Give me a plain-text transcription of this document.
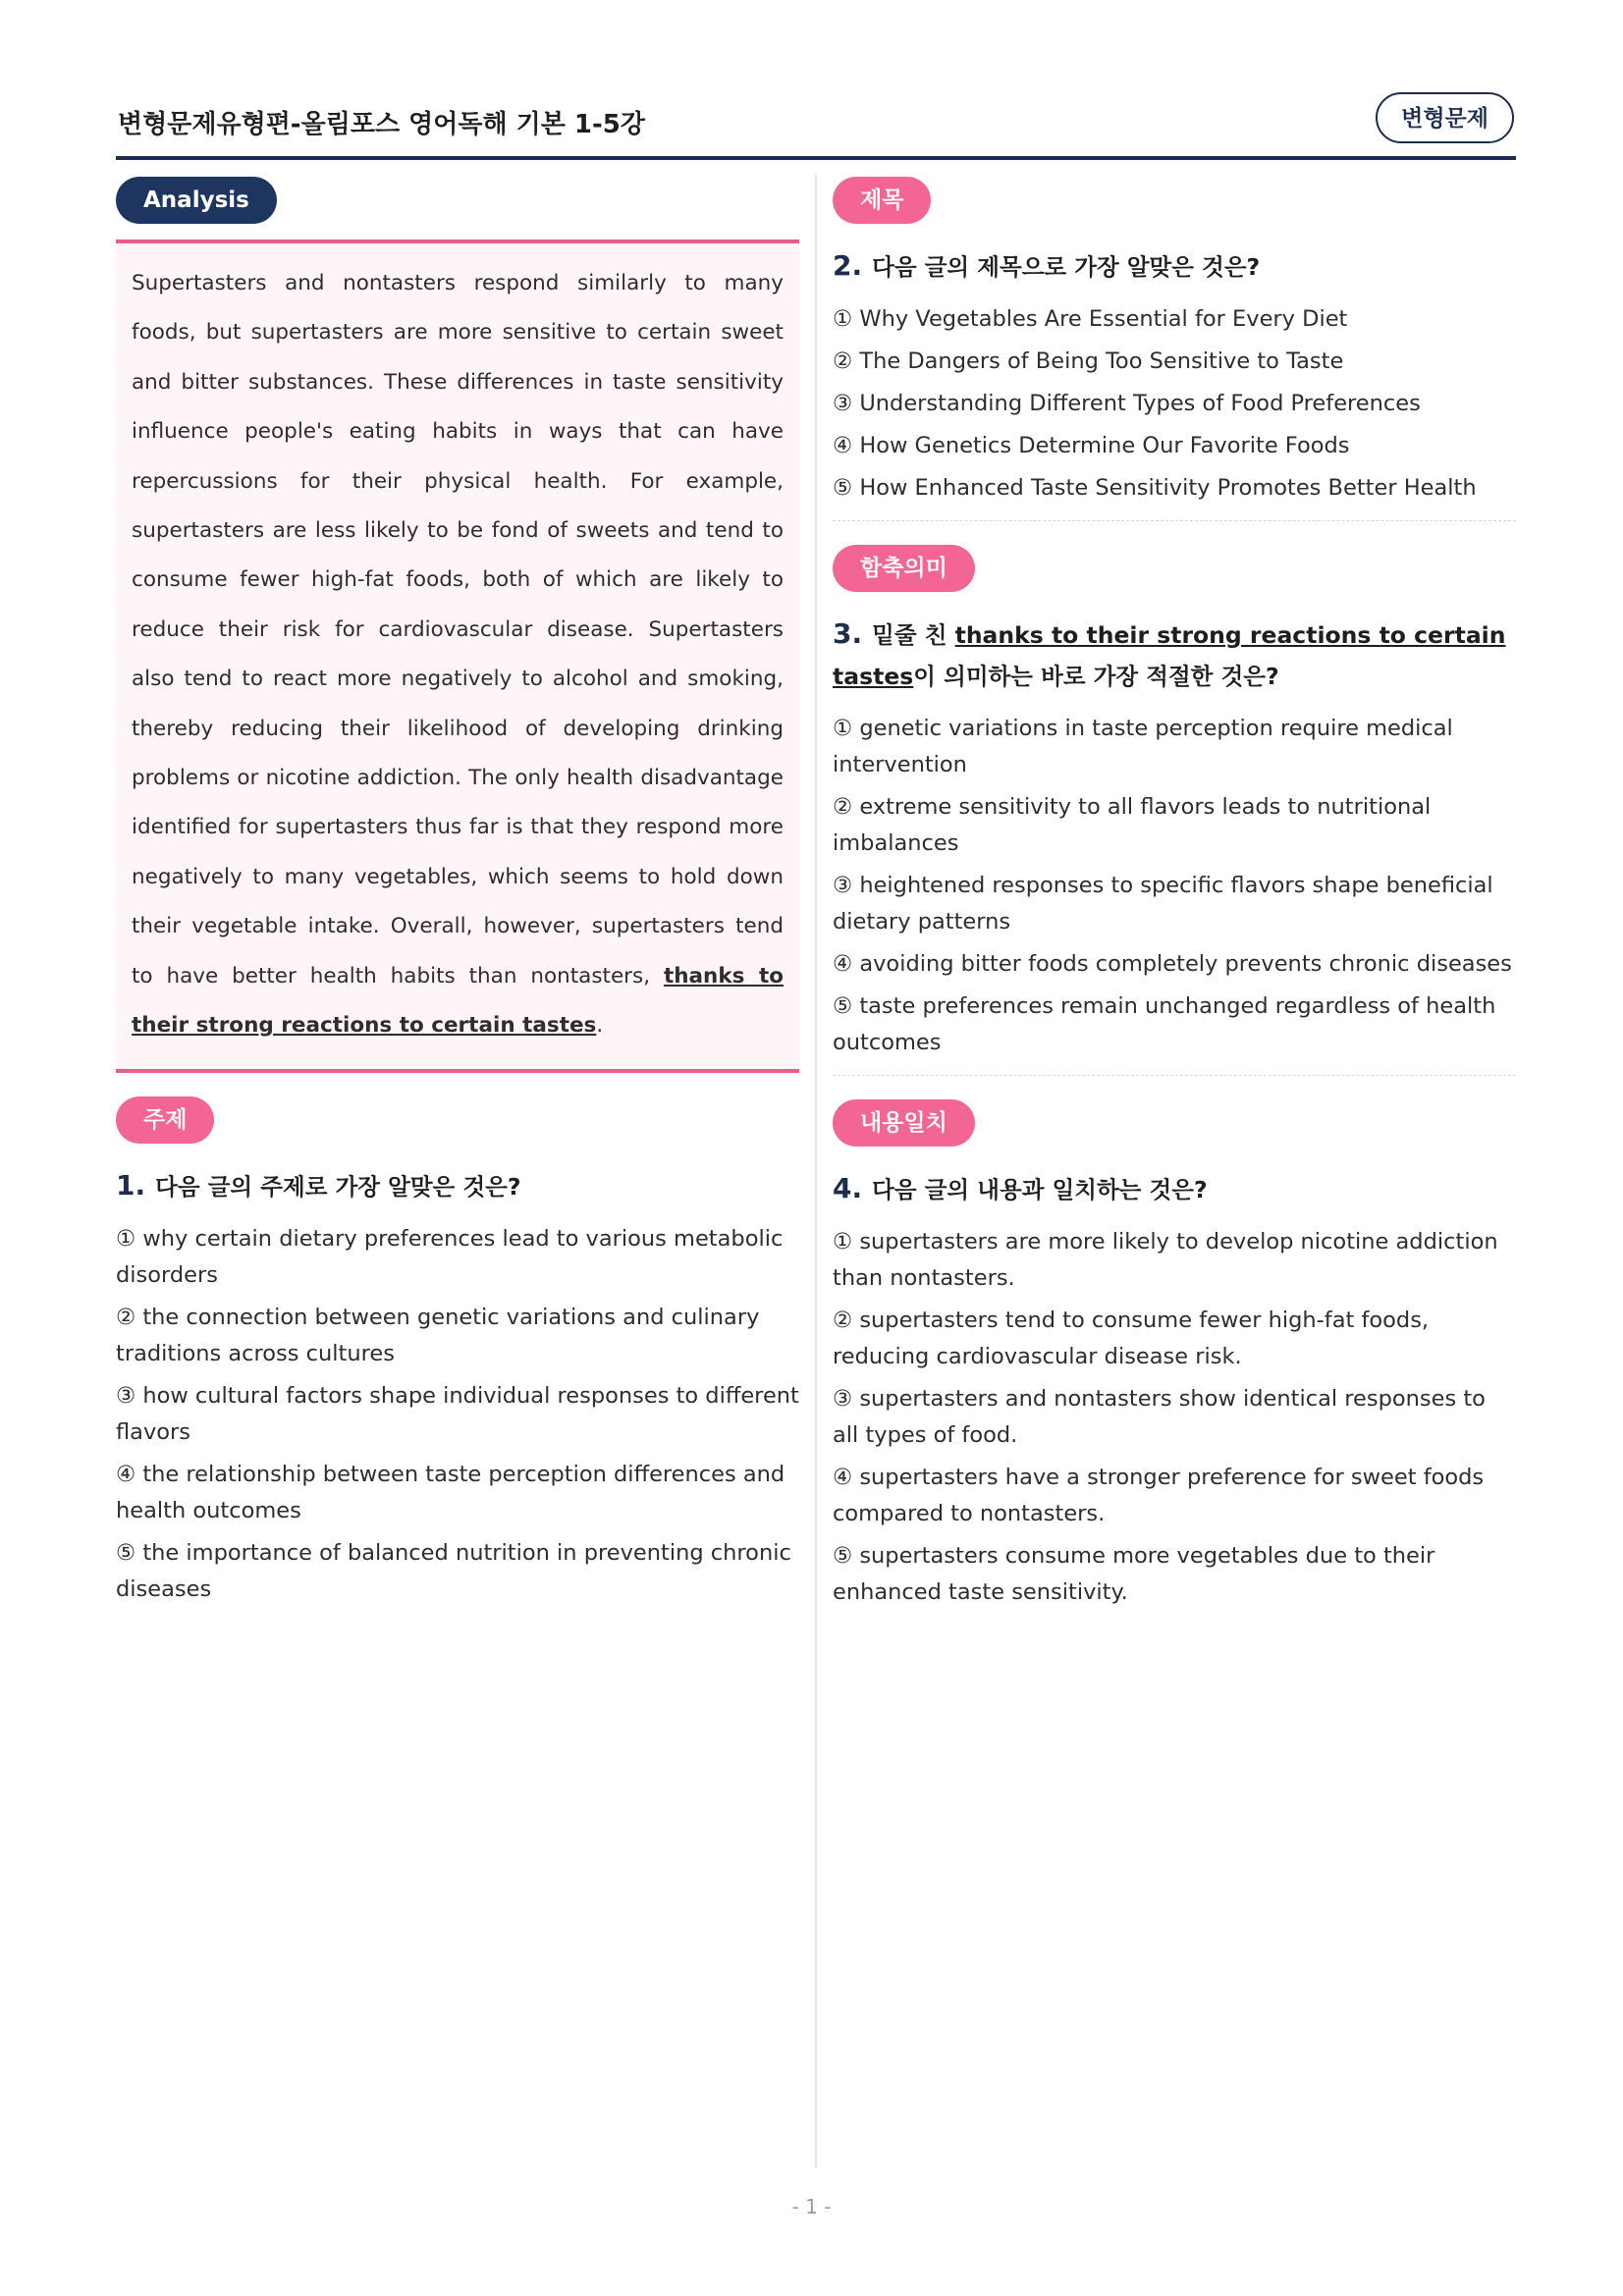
변형문제유형편-올림포스 영어독해 기본 1-5강	변형문제
Analysis

Supertasters and nontasters respond similarly to many foods, but supertasters are more sensitive to certain sweet and bitter substances. These differences in taste sensitivity influence people's eating habits in ways that can have repercussions for their physical health. For example, supertasters are less likely to be fond of sweets and tend to consume fewer high-fat foods, both of which are likely to reduce their risk for cardiovascular disease. Supertasters also tend to react more negatively to alcohol and smoking, thereby reducing their likelihood of developing drinking problems or nicotine addiction. The only health disadvantage identified for supertasters thus far is that they respond more negatively to many vegetables, which seems to hold down their vegetable intake. Overall, however, supertasters tend to have better health habits than nontasters, thanks to their strong reactions to certain tastes.

주제
1. 다음 글의 주제로 가장 알맞은 것은?
① why certain dietary preferences lead to various metabolic disorders
② the connection between genetic variations and culinary traditions across cultures
③ how cultural factors shape individual responses to different flavors
④ the relationship between taste perception differences and health outcomes
⑤ the importance of balanced nutrition in preventing chronic diseases
제목
2. 다음 글의 제목으로 가장 알맞은 것은?
① Why Vegetables Are Essential for Every Diet
② The Dangers of Being Too Sensitive to Taste
③ Understanding Different Types of Food Preferences
④ How Genetics Determine Our Favorite Foods
⑤ How Enhanced Taste Sensitivity Promotes Better Health
함축의미
3. 밑줄 친 thanks to their strong reactions to certain tastes이 의미하는 바로 가장 적절한 것은?
① genetic variations in taste perception require medical intervention
② extreme sensitivity to all flavors leads to nutritional imbalances
③ heightened responses to specific flavors shape beneficial dietary patterns
④ avoiding bitter foods completely prevents chronic diseases
⑤ taste preferences remain unchanged regardless of health outcomes
내용일치
4. 다음 글의 내용과 일치하는 것은?
① supertasters are more likely to develop nicotine addiction than nontasters.
② supertasters tend to consume fewer high-fat foods, reducing cardiovascular disease risk.
③ supertasters and nontasters show identical responses to all types of food.
④ supertasters have a stronger preference for sweet foods compared to nontasters.
⑤ supertasters consume more vegetables due to their enhanced taste sensitivity.
- 1 -
